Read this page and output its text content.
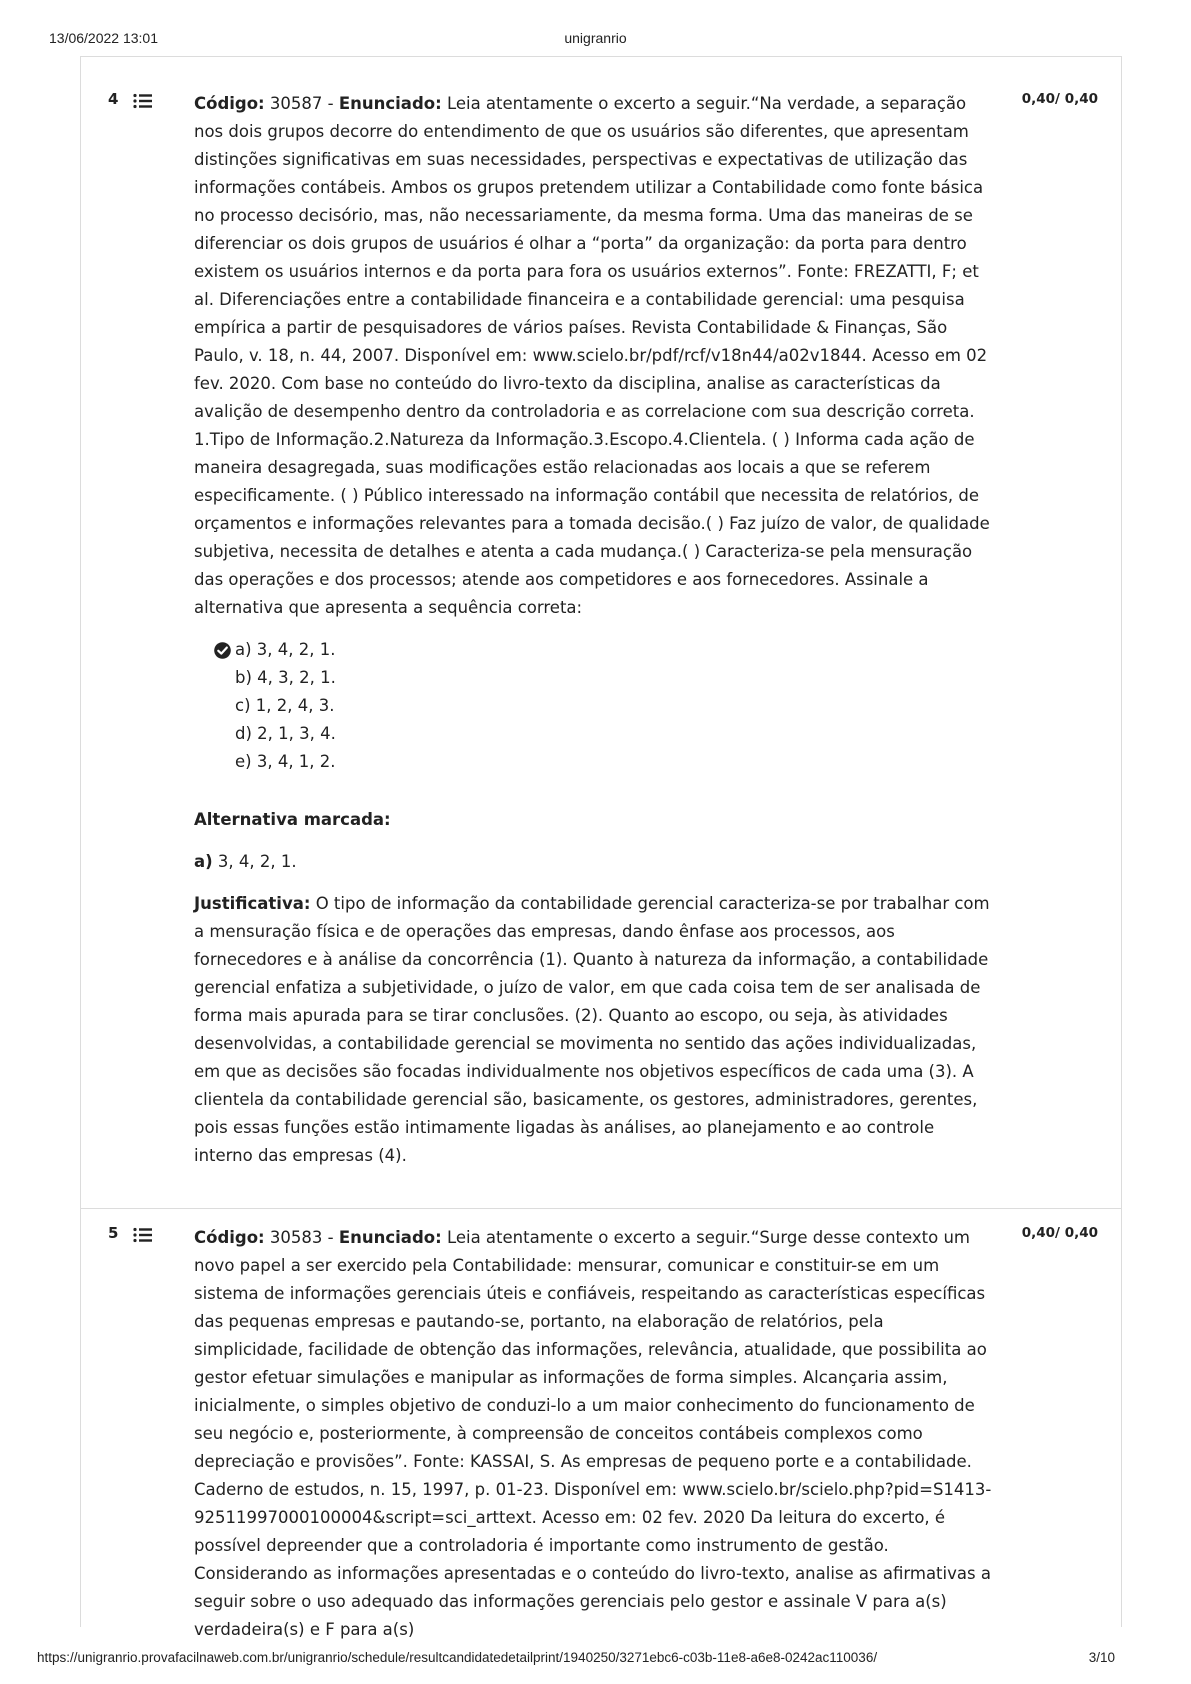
13/06/2022 13:01	unigranrio
4	0,40/ 0,40

Código: 30587 - Enunciado: Leia atentamente o excerto a seguir.“Na verdade, a separação nos dois grupos decorre do entendimento de que os usuários são diferentes, que apresentam distinções significativas em suas necessidades, perspectivas e expectativas de utilização das informações contábeis. Ambos os grupos pretendem utilizar a Contabilidade como fonte básica no processo decisório, mas, não necessariamente, da mesma forma. Uma das maneiras de se diferenciar os dois grupos de usuários é olhar a “porta” da organização: da porta para dentro existem os usuários internos e da porta para fora os usuários externos”. Fonte: FREZATTI, F; et al. Diferenciações entre a contabilidade financeira e a contabilidade gerencial: uma pesquisa empírica a partir de pesquisadores de vários países. Revista Contabilidade & Finanças, São Paulo, v. 18, n. 44, 2007. Disponível em: www.scielo.br/pdf/rcf/v18n44/a02v1844. Acesso em 02 fev. 2020. Com base no conteúdo do livro-texto da disciplina, analise as características da avalição de desempenho dentro da controladoria e as correlacione com sua descrição correta. 1.Tipo de Informação.2.Natureza da Informação.3.Escopo.4.Clientela. ( ) Informa cada ação de maneira desagregada, suas modificações estão relacionadas aos locais a que se referem especificamente. ( ) Público interessado na informação contábil que necessita de relatórios, de orçamentos e informações relevantes para a tomada decisão.( ) Faz juízo de valor, de qualidade subjetiva, necessita de detalhes e atenta a cada mudança.( ) Caracteriza-se pela mensuração das operações e dos processos; atende aos competidores e aos fornecedores. Assinale a alternativa que apresenta a sequência correta:

a) 3, 4, 2, 1.
b) 4, 3, 2, 1.
c) 1, 2, 4, 3.
d) 2, 1, 3, 4.
e) 3, 4, 1, 2.

Alternativa marcada:

a) 3, 4, 2, 1.

Justificativa: O tipo de informação da contabilidade gerencial caracteriza-se por trabalhar com a mensuração física e de operações das empresas, dando ênfase aos processos, aos fornecedores e à análise da concorrência (1). Quanto à natureza da informação, a contabilidade gerencial enfatiza a subjetividade, o juízo de valor, em que cada coisa tem de ser analisada de forma mais apurada para se tirar conclusões. (2). Quanto ao escopo, ou seja, às atividades desenvolvidas, a contabilidade gerencial se movimenta no sentido das ações individualizadas, em que as decisões são focadas individualmente nos objetivos específicos de cada uma (3). A clientela da contabilidade gerencial são, basicamente, os gestores, administradores, gerentes, pois essas funções estão intimamente ligadas às análises, ao planejamento e ao controle interno das empresas (4).

5	0,40/ 0,40

Código: 30583 - Enunciado: Leia atentamente o excerto a seguir.“Surge desse contexto um novo papel a ser exercido pela Contabilidade: mensurar, comunicar e constituir-se em um sistema de informações gerenciais úteis e confiáveis, respeitando as características específicas das pequenas empresas e pautando-se, portanto, na elaboração de relatórios, pela simplicidade, facilidade de obtenção das informações, relevância, atualidade, que possibilita ao gestor efetuar simulações e manipular as informações de forma simples. Alcançaria assim, inicialmente, o simples objetivo de conduzi-lo a um maior conhecimento do funcionamento de seu negócio e, posteriormente, à compreensão de conceitos contábeis complexos como depreciação e provisões”. Fonte: KASSAI, S. As empresas de pequeno porte e a contabilidade. Caderno de estudos, n. 15, 1997, p. 01-23. Disponível em: www.scielo.br/scielo.php?pid=S1413-92511997000100004&script=sci_arttext. Acesso em: 02 fev. 2020 Da leitura do excerto, é possível depreender que a controladoria é importante como instrumento de gestão. Considerando as informações apresentadas e o conteúdo do livro-texto, analise as afirmativas a seguir sobre o uso adequado das informações gerenciais pelo gestor e assinale V para a(s) verdadeira(s) e F para a(s)

https://unigranrio.provafacilnaweb.com.br/unigranrio/schedule/resultcandidatedetailprint/1940250/3271ebc6-c03b-11e8-a6e8-0242ac110036/	3/10
